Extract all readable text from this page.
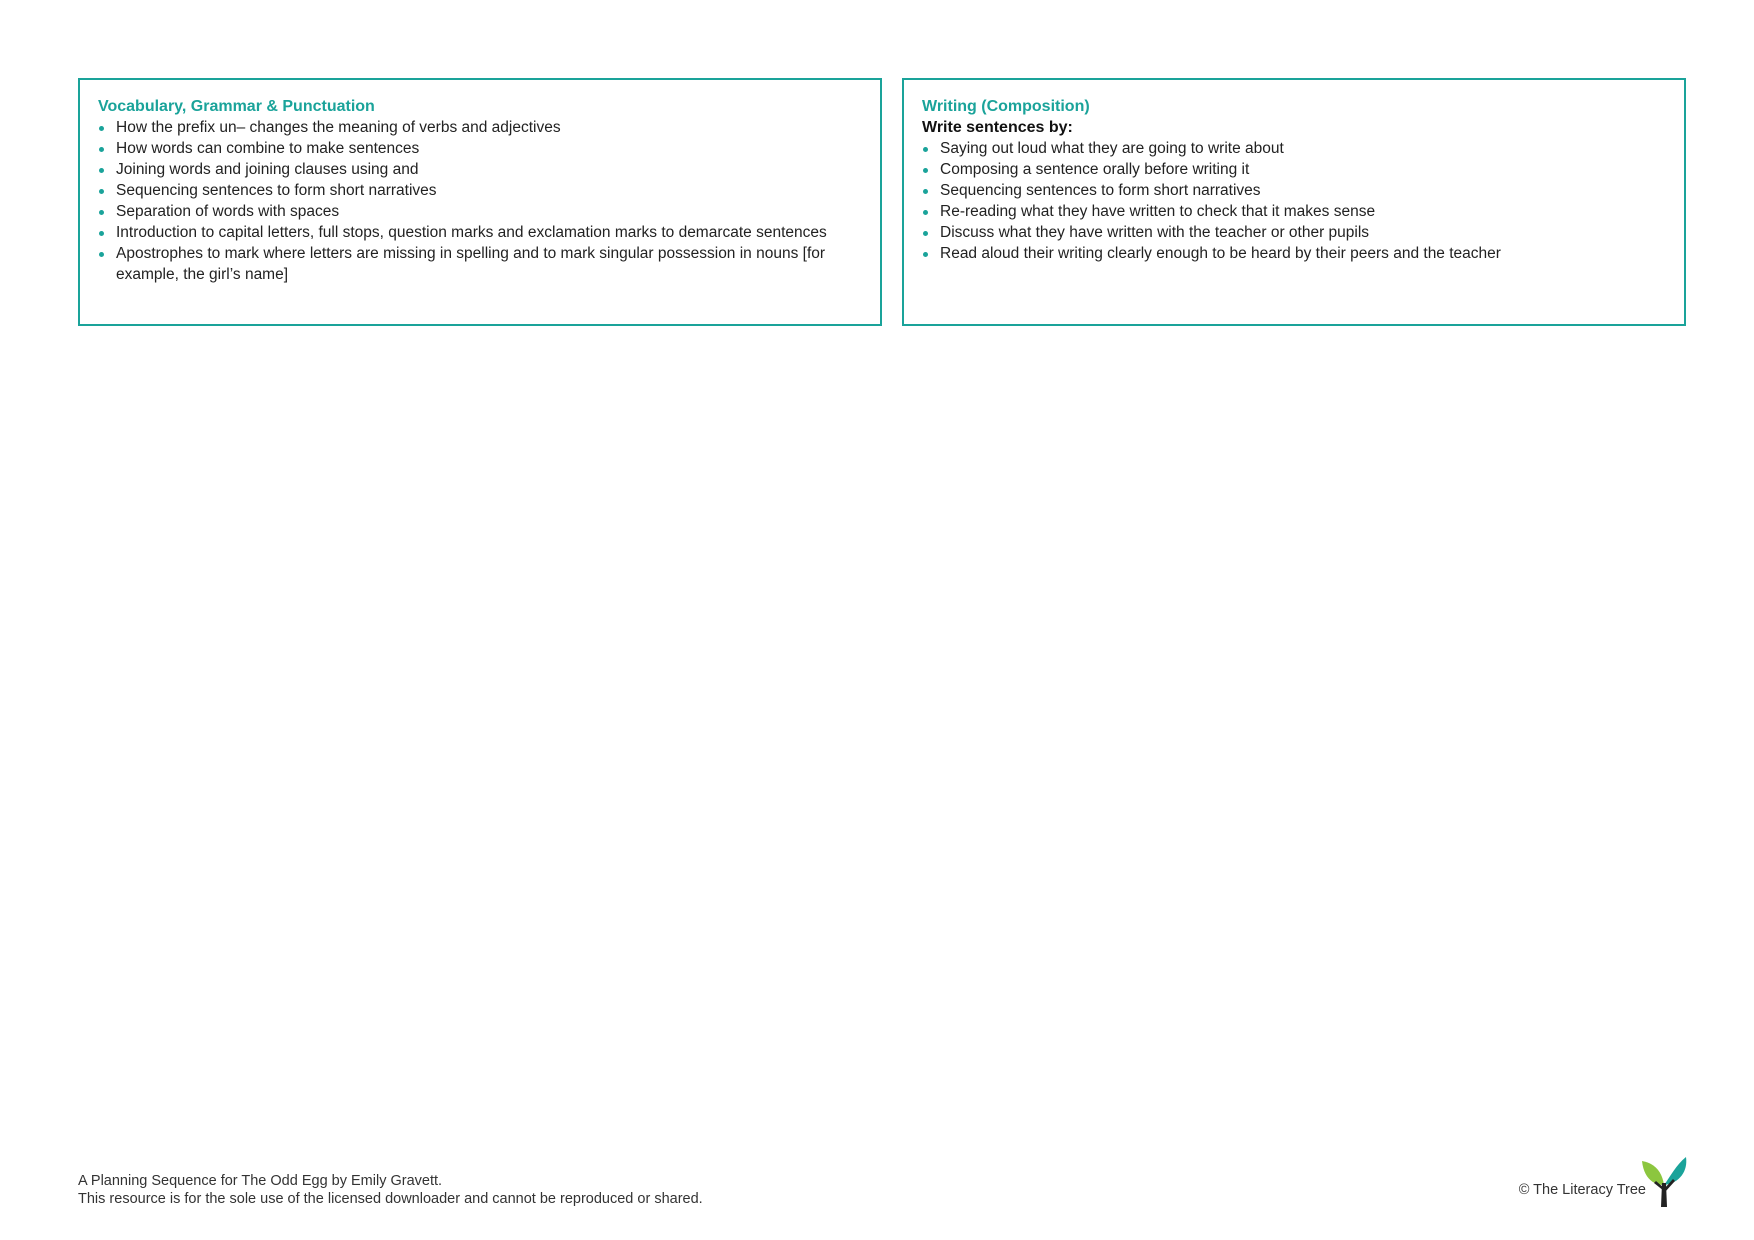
Vocabulary, Grammar & Punctuation
How the prefix un– changes the meaning of verbs and adjectives
How words can combine to make sentences
Joining words and joining clauses using and
Sequencing sentences to form short narratives
Separation of words with spaces
Introduction to capital letters, full stops, question marks and exclamation marks to demarcate sentences
Apostrophes to mark where letters are missing in spelling and to mark singular possession in nouns [for example, the girl’s name]
Writing (Composition)
Write sentences by:
Saying out loud what they are going to write about
Composing a sentence orally before writing it
Sequencing sentences to form short narratives
Re-reading what they have written to check that it makes sense
Discuss what they have written with the teacher or other pupils
Read aloud their writing clearly enough to be heard by their peers and the teacher
A Planning Sequence for The Odd Egg by Emily Gravett.
This resource is for the sole use of the licensed downloader and cannot be reproduced or shared.
© The Literacy Tree
